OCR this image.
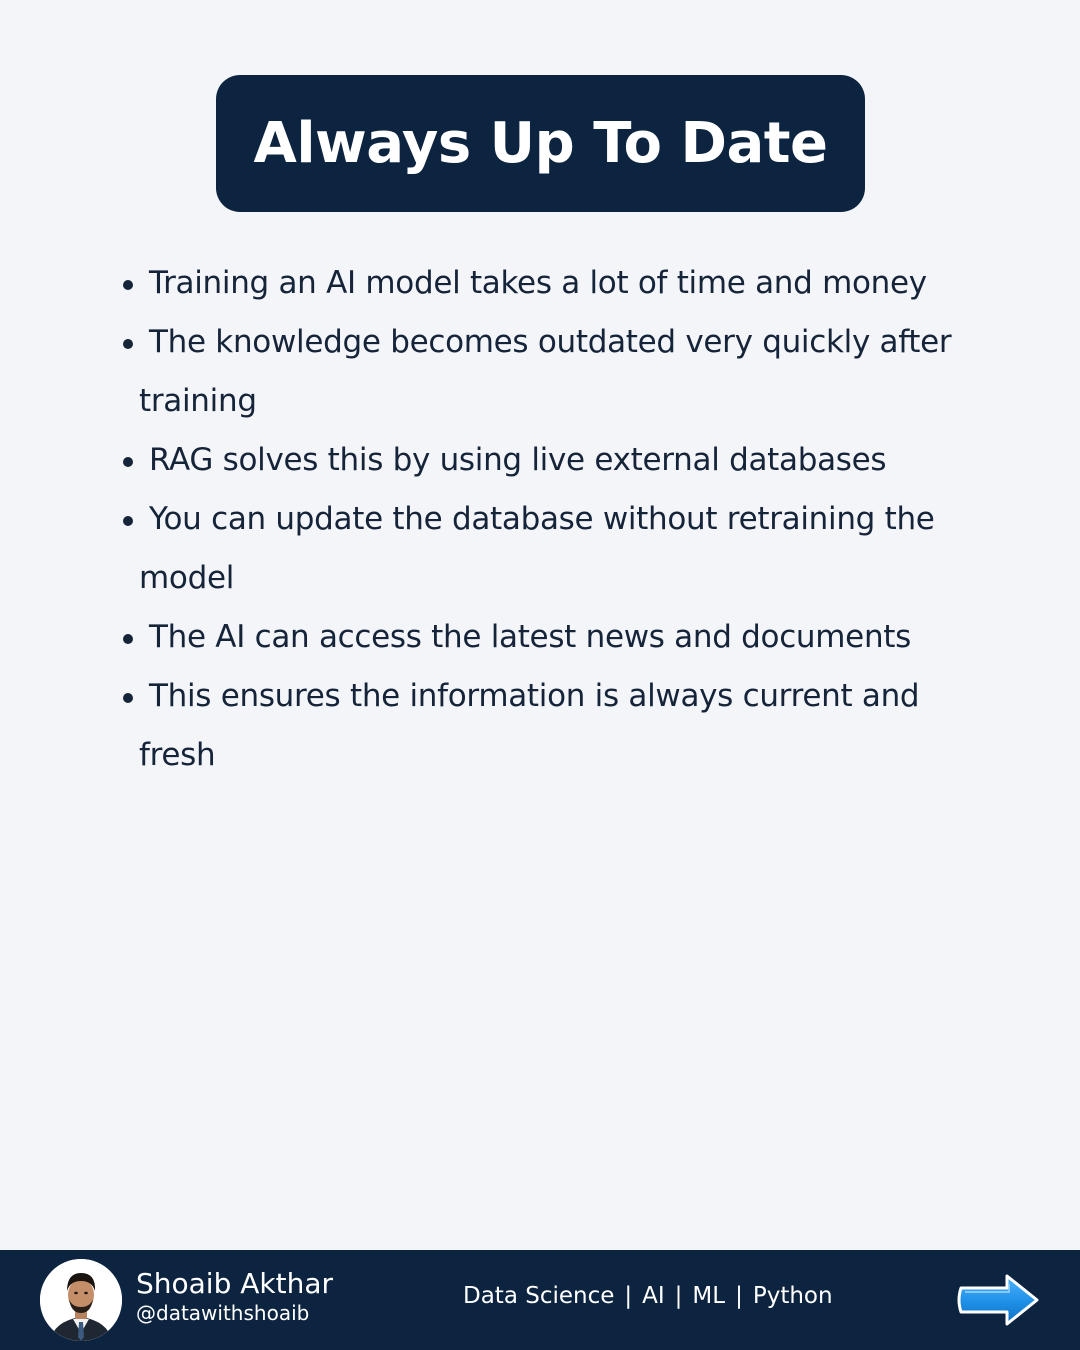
Always Up To Date
Training an AI model takes a lot of time and money
The knowledge becomes outdated very quickly after training
RAG solves this by using live external databases
You can update the database without retraining the model
The AI can access the latest news and documents
This ensures the information is always current and fresh
Shoaib Akthar
@datawithshoaib
Data Science | AI | ML | Python
